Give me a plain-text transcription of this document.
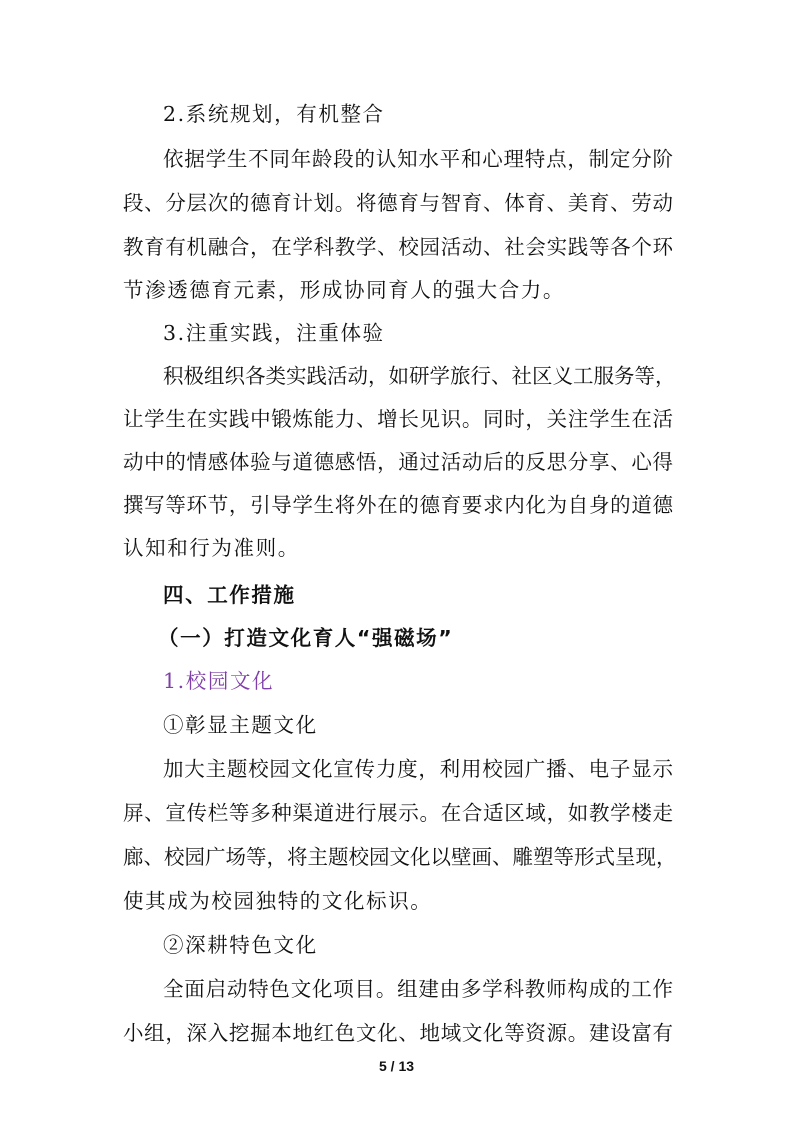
2.系统规划，有机整合
依据学生不同年龄段的认知水平和心理特点，制定分阶
段、分层次的德育计划。将德育与智育、体育、美育、劳动
教育有机融合，在学科教学、校园活动、社会实践等各个环
节渗透德育元素，形成协同育人的强大合力。
3.注重实践，注重体验
积极组织各类实践活动，如研学旅行、社区义工服务等，
让学生在实践中锻炼能力、增长见识。同时，关注学生在活
动中的情感体验与道德感悟，通过活动后的反思分享、心得
撰写等环节，引导学生将外在的德育要求内化为自身的道德
认知和行为准则。
四、工作措施
（一）打造文化育人“强磁场”
1.校园文化
①彰显主题文化
加大主题校园文化宣传力度，利用校园广播、电子显示
屏、宣传栏等多种渠道进行展示。在合适区域，如教学楼走
廊、校园广场等，将主题校园文化以壁画、雕塑等形式呈现，
使其成为校园独特的文化标识。
②深耕特色文化
全面启动特色文化项目。组建由多学科教师构成的工作
小组，深入挖掘本地红色文化、地域文化等资源。建设富有
5 / 13
